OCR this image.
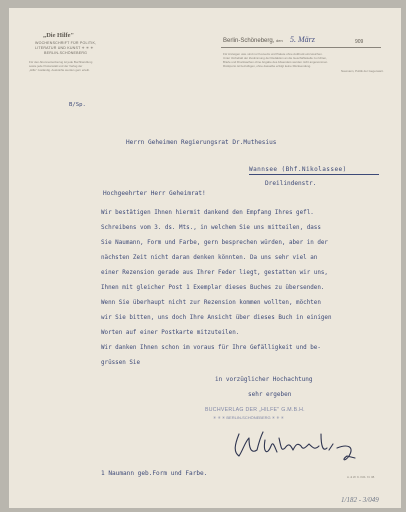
„Die Hilfe"
WOCHENSCHRIFT FÜR POLITIK,
LITERATUR UND KUNST ✳ ✳ ✳
BERLIN-SCHÖNEBERG
Für den Abonnentenbezug ist jede Buchhandlung
sowie jede Postanstalt und der Verlag der
„Hilfe" zuständig. Auskünfte werden gern erteilt.
Berlin-Schöneberg, den 5. März	909
Für Anzeigen usw. sind nur Kouverts und Pakete ohne Aufdruck einzureichen.
Unter Vorbehalt der Zustimmung der Redaktion an die Geschäftsstelle zu richten,
Briefe und Drucksachen ohne Angabe des Absenders werden nicht angenommen.
Rückporto ist beizufügen, ohne dasselbe erfolgt keine Rücksendung.
Naumann, Politik der Gegenwart.
B/Sp.
Herrn Geheimen Regierungsrat Dr.Muthesius
Wannsee (Bhf.Nikolassee)
Dreilindenstr.
Hochgeehrter Herr Geheimrat!
Wir bestätigen Ihnen hiermit dankend den Empfang Ihres gefl.
Schreibens vom 3. ds. Mts., in welchem Sie uns mitteilen, dass
Sie Naumann, Form und Farbe, gern besprechen würden, aber in der
nächsten Zeit nicht daran denken könnten. Da uns sehr viel an
einer Rezension gerade aus Ihrer Feder liegt, gestatten wir uns,
Ihnen mit gleicher Post 1 Exemplar dieses Buches zu übersenden.
Wenn Sie überhaupt nicht zur Rezension kommen wollten, möchten
wir Sie bitten, uns doch Ihre Ansicht über dieses Buch in einigen
Worten auf einer Postkarte mitzuteilen.
Wir danken Ihnen schon im voraus für Ihre Gefälligkeit und be-
grüssen Sie
in vorzüglicher Hochachtung
sehr ergeben
BUCHVERLAG DER „HILFE" G.M.B.H.
✳ ✳ ✳ BERLIN-SCHÖNEBERG ✳ ✳ ✳
1 Naumann geb.Form und Farbe.	A. & W. K. Ktlb. XI. 08.
1/182 - 3/049
